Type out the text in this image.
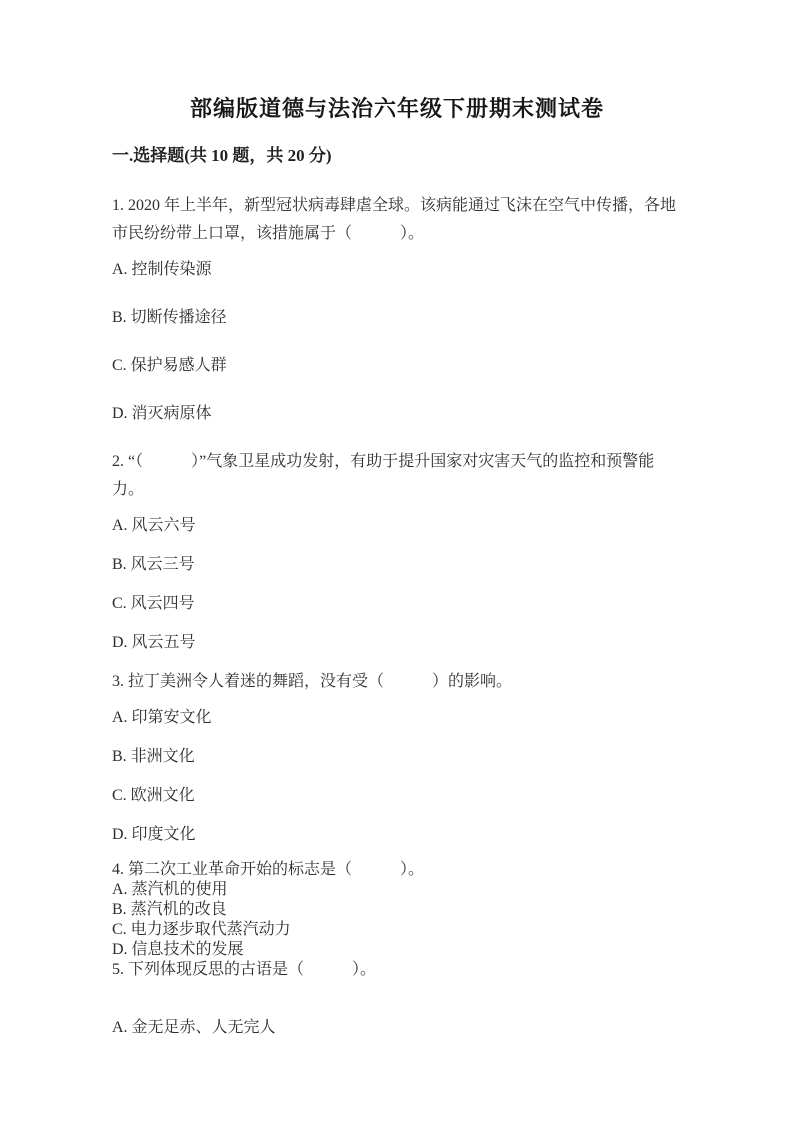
部编版道德与法治六年级下册期末测试卷
一.选择题(共 10 题，共 20 分)

1. 2020 年上半年，新型冠状病毒肆虐全球。该病能通过飞沫在空气中传播，各地市民纷纷带上口罩，该措施属于（　　　）。

A. 控制传染源

B. 切断传播途径

C. 保护易感人群

D. 消灭病原体

2. “（　　　）”气象卫星成功发射，有助于提升国家对灾害天气的监控和预警能力。

A. 风云六号

B. 风云三号

C. 风云四号

D. 风云五号

3. 拉丁美洲令人着迷的舞蹈，没有受（　　　）的影响。

A. 印第安文化

B. 非洲文化

C. 欧洲文化

D. 印度文化

4. 第二次工业革命开始的标志是（　　　）。

A. 蒸汽机的使用

B. 蒸汽机的改良

C. 电力逐步取代蒸汽动力

D. 信息技术的发展

5. 下列体现反思的古语是（　　　）。

A. 金无足赤、人无完人
